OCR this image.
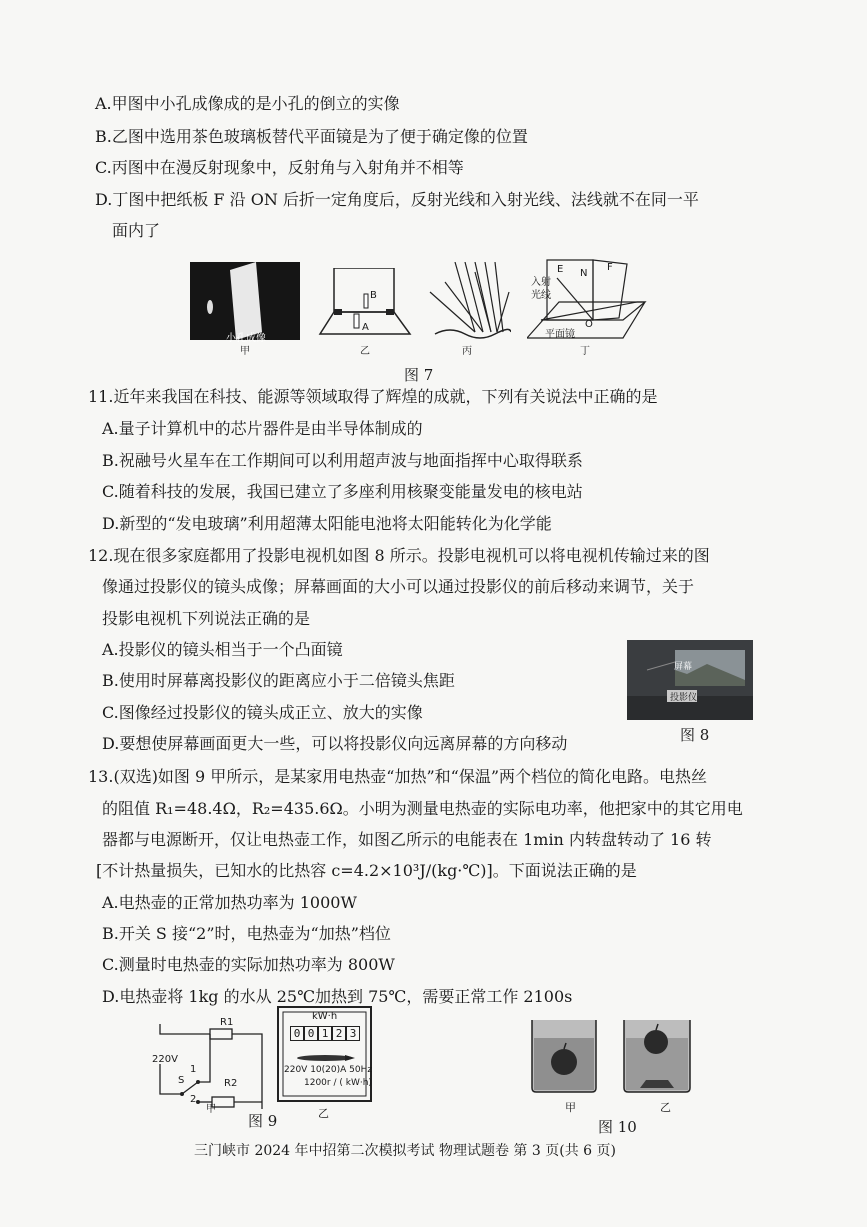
A.甲图中小孔成像成的是小孔的倒立的实像
B.乙图中选用茶色玻璃板替代平面镜是为了便于确定像的位置
C.丙图中在漫反射现象中，反射角与入射角并不相等
D.丁图中把纸板 F 沿 ON 后折一定角度后，反射光线和入射光线、法线就不在同一平
面内了
小孔成像
甲
B
A
乙	丙
入射
光线
E N
F
O
平面镜
丁
图 7
11.近年来我国在科技、能源等领域取得了辉煌的成就，下列有关说法中正确的是
A.量子计算机中的芯片器件是由半导体制成的
B.祝融号火星车在工作期间可以利用超声波与地面指挥中心取得联系
C.随着科技的发展，我国已建立了多座利用核聚变能量发电的核电站
D.新型的“发电玻璃”利用超薄太阳能电池将太阳能转化为化学能
12.现在很多家庭都用了投影电视机如图 8 所示。投影电视机可以将电视机传输过来的图
像通过投影仪的镜头成像；屏幕画面的大小可以通过投影仪的前后移动来调节，关于
投影电视机下列说法正确的是
A.投影仪的镜头相当于一个凸面镜
B.使用时屏幕离投影仪的距离应小于二倍镜头焦距
C.图像经过投影仪的镜头成正立、放大的实像
D.要想使屏幕画面更大一些，可以将投影仪向远离屏幕的方向移动
屏幕
投影仪
图 8
13.(双选)如图 9 甲所示，是某家用电热壶“加热”和“保温”两个档位的简化电路。电热丝
的阻值 R₁=48.4Ω，R₂=435.6Ω。小明为测量电热壶的实际电功率，他把家中的其它用电
器都与电源断开，仅让电热壶工作，如图乙所示的电能表在 1min 内转盘转动了 16 转
[不计热量损失，已知水的比热容 c=4.2×10³J/(kg·℃)]。下面说法正确的是
A.电热壶的正常加热功率为 1000W
B.开关 S 接“2”时，电热壶为“加热”档位
C.测量时电热壶的实际加热功率为 800W
D.电热壶将 1kg 的水从 25℃加热到 75℃，需要正常工作 2100s
R1
220V
1
S
2
R2
甲
kW·h
0 0 1 2 3
220V 10(20)A 50Hz
1200r / ( kW·h)
图 9	乙	甲
图 10
乙
三门峡市 2024 年中招第二次模拟考试 物理试题卷 第 3 页(共 6 页)
